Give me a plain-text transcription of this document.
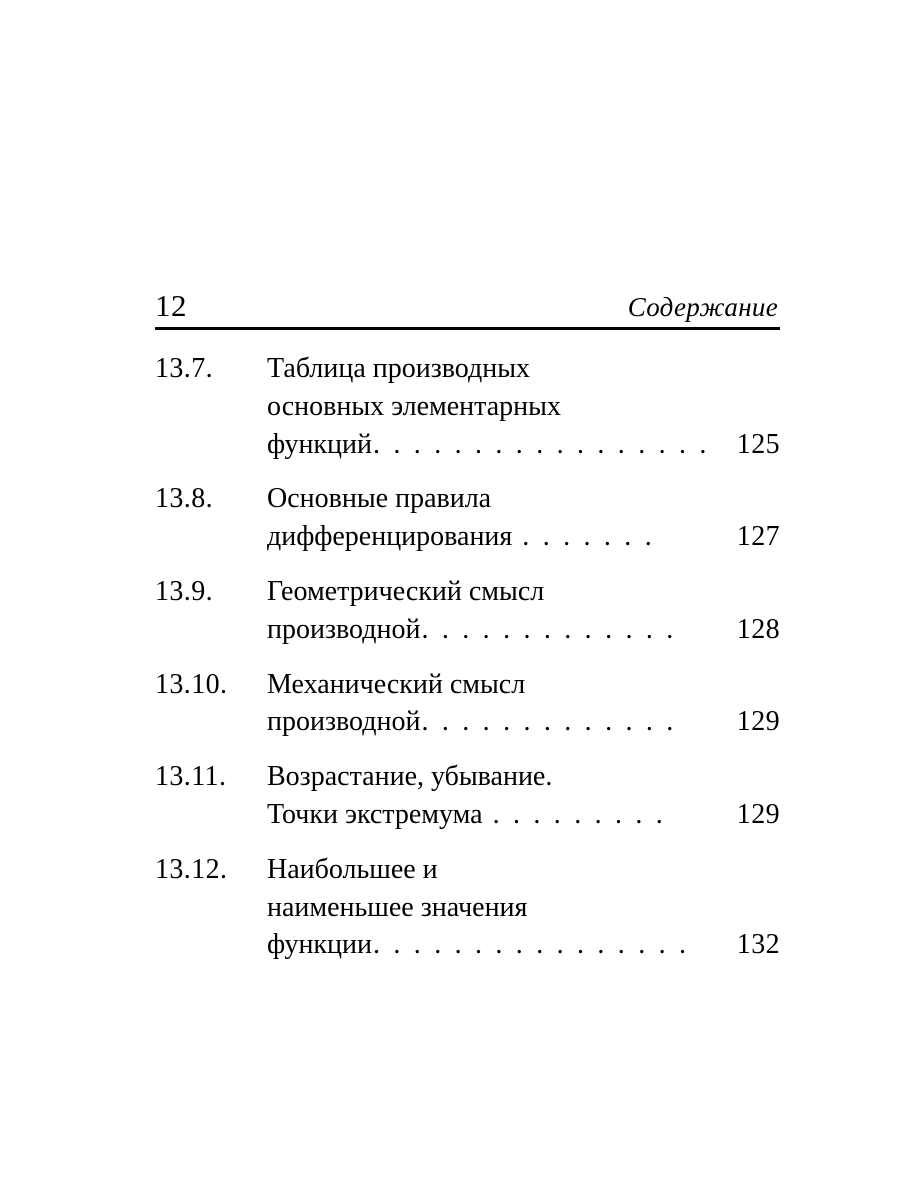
12	Содержание
13.7.	Таблица производных
основных элементарных
функций . . . . . . . . . . . . . . . . . 125
13.8.	Основные правила
дифференцирования . . . . . . .	127
13.9.	Геометрический смысл
производной . . . . . . . . . . . . .	128
13.10.	Механический смысл
производной . . . . . . . . . . . . .	129
13.11.	Возрастание, убывание.
Точки экстремума . . . . . . . . .	129
13.12.	Наибольшее и
наименьшее значения
функции . . . . . . . . . . . . . . . .	132
